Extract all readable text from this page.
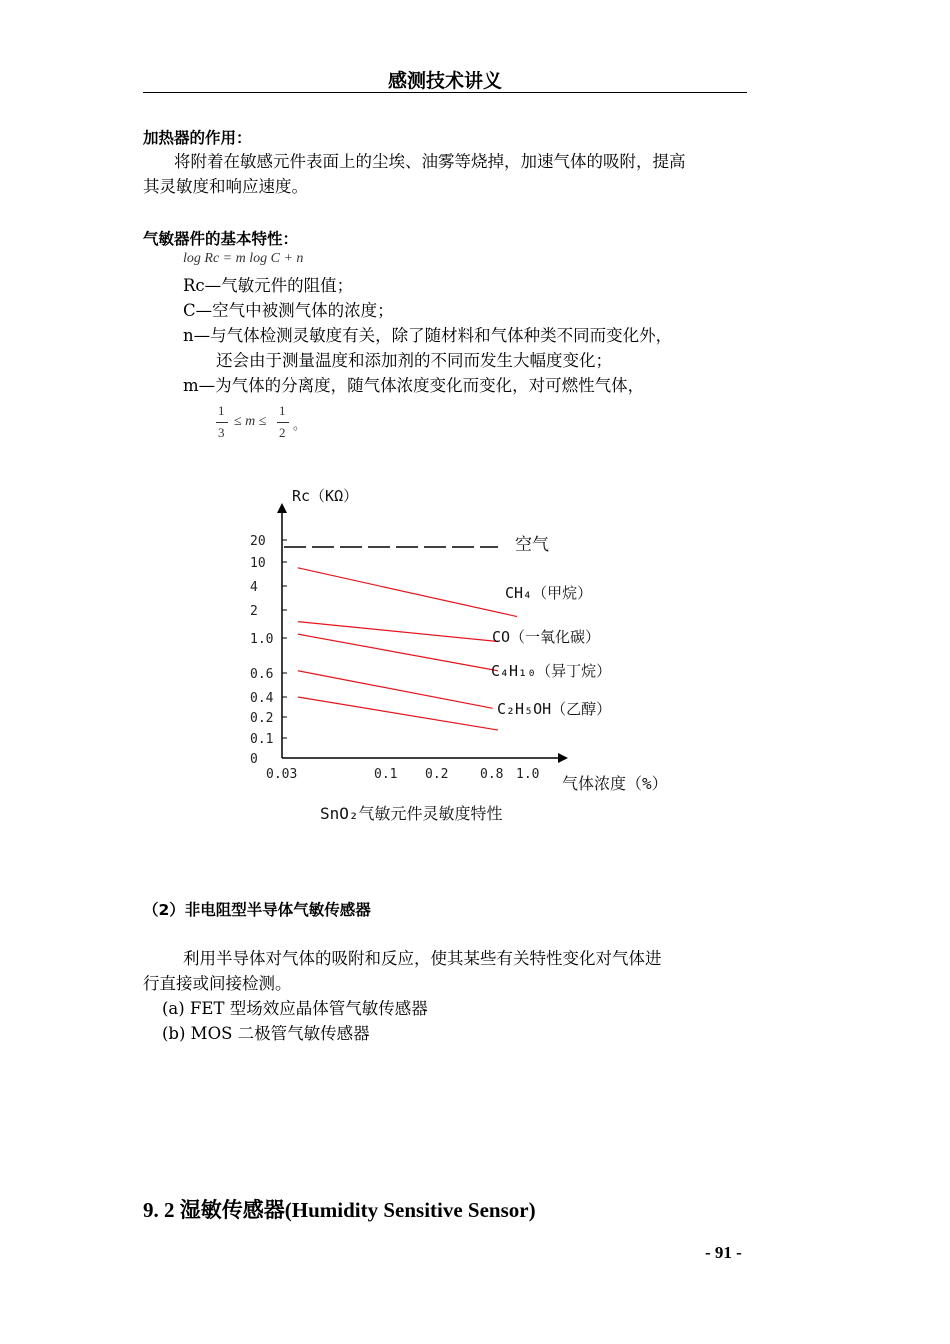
感测技术讲义
加热器的作用：
将附着在敏感元件表面上的尘埃、油雾等烧掉，加速气体的吸附，提高
其灵敏度和响应速度。
气敏器件的基本特性：
log Rc = m log C + n
Rc—气敏元件的阻值；
C—空气中被测气体的浓度；
n—与气体检测灵敏度有关，除了随材料和气体种类不同而变化外，
还会由于测量温度和添加剂的不同而发生大幅度变化；
m—为气体的分离度，随气体浓度变化而变化，对可燃性气体，
1
3
≤ m ≤
1
2
。
20
10
4
2
1.0
0.6
0.4
0.2
0.1
0
0.03	0.1 0.2 0.8 1.0
空气
CH₄（甲烷）
CO（一氧化碳）
C₄H₁₀（异丁烷）
C₂H₅OH（乙醇）
Rc（KΩ）
气体浓度（%）
SnO₂气敏元件灵敏度特性
（2）非电阻型半导体气敏传感器
利用半导体对气体的吸附和反应，使其某些有关特性变化对气体进
行直接或间接检测。
(a) FET 型场效应晶体管气敏传感器
(b) MOS 二极管气敏传感器
9. 2 湿敏传感器(Humidity Sensitive Sensor)
- 91 -
